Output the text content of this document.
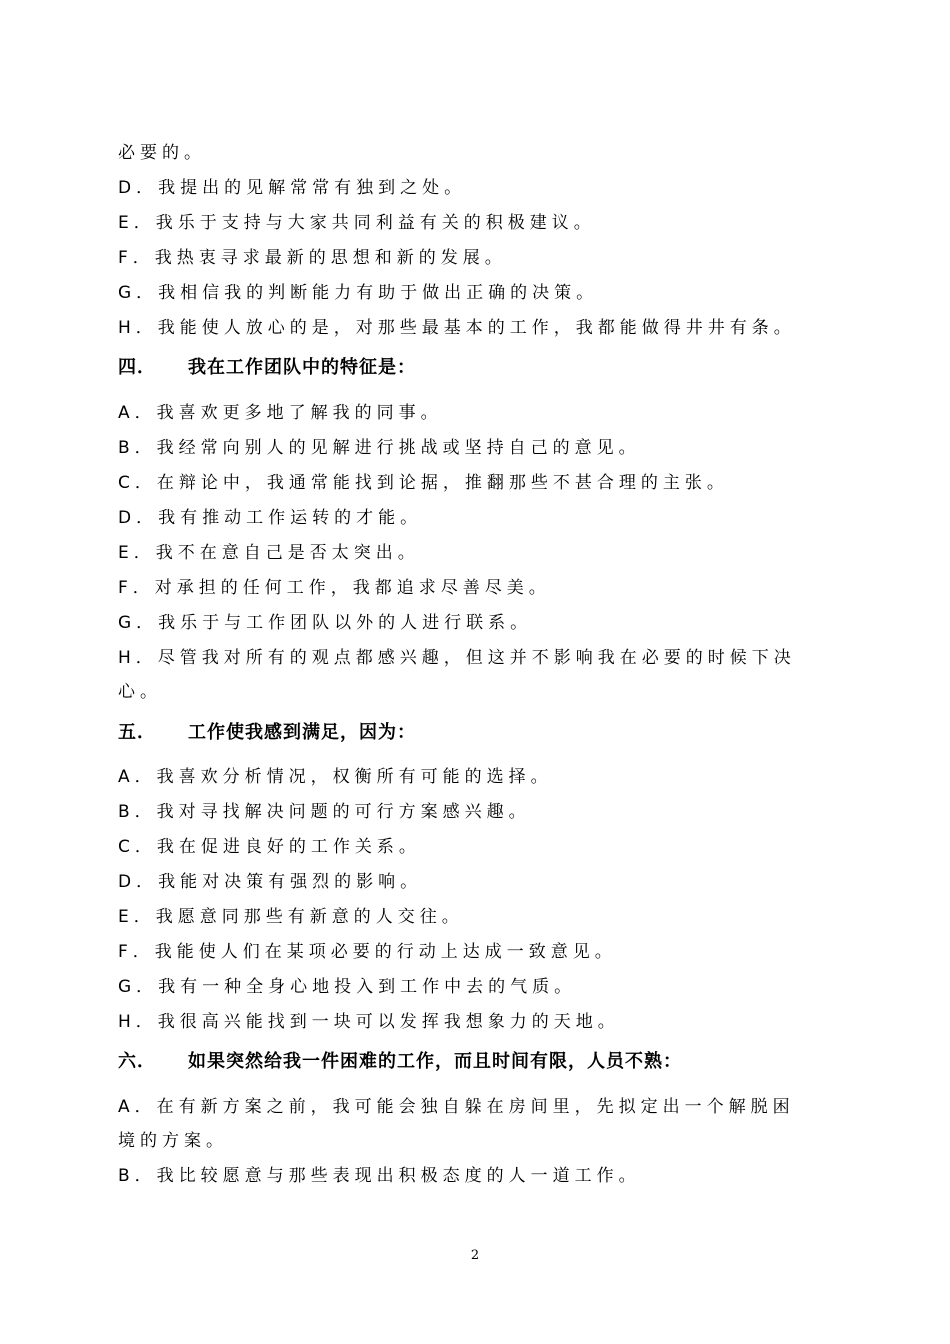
必要的。
D．我提出的见解常常有独到之处。
E．我乐于支持与大家共同利益有关的积极建议。
F．我热衷寻求最新的思想和新的发展。
G．我相信我的判断能力有助于做出正确的决策。
H．我能使人放心的是，对那些最基本的工作，我都能做得井井有条。
四． 我在工作团队中的特征是：
A．我喜欢更多地了解我的同事。
B．我经常向别人的见解进行挑战或坚持自己的意见。
C．在辩论中，我通常能找到论据，推翻那些不甚合理的主张。
D．我有推动工作运转的才能。
E．我不在意自己是否太突出。
F．对承担的任何工作，我都追求尽善尽美。
G．我乐于与工作团队以外的人进行联系。
H．尽管我对所有的观点都感兴趣，但这并不影响我在必要的时候下决
心。
五． 工作使我感到满足，因为：
A．我喜欢分析情况，权衡所有可能的选择。
B．我对寻找解决问题的可行方案感兴趣。
C．我在促进良好的工作关系。
D．我能对决策有强烈的影响。
E．我愿意同那些有新意的人交往。
F．我能使人们在某项必要的行动上达成一致意见。
G．我有一种全身心地投入到工作中去的气质。
H．我很高兴能找到一块可以发挥我想象力的天地。
六． 如果突然给我一件困难的工作，而且时间有限，人员不熟：
A．在有新方案之前，我可能会独自躲在房间里，先拟定出一个解脱困
境的方案。
B．我比较愿意与那些表现出积极态度的人一道工作。
2
